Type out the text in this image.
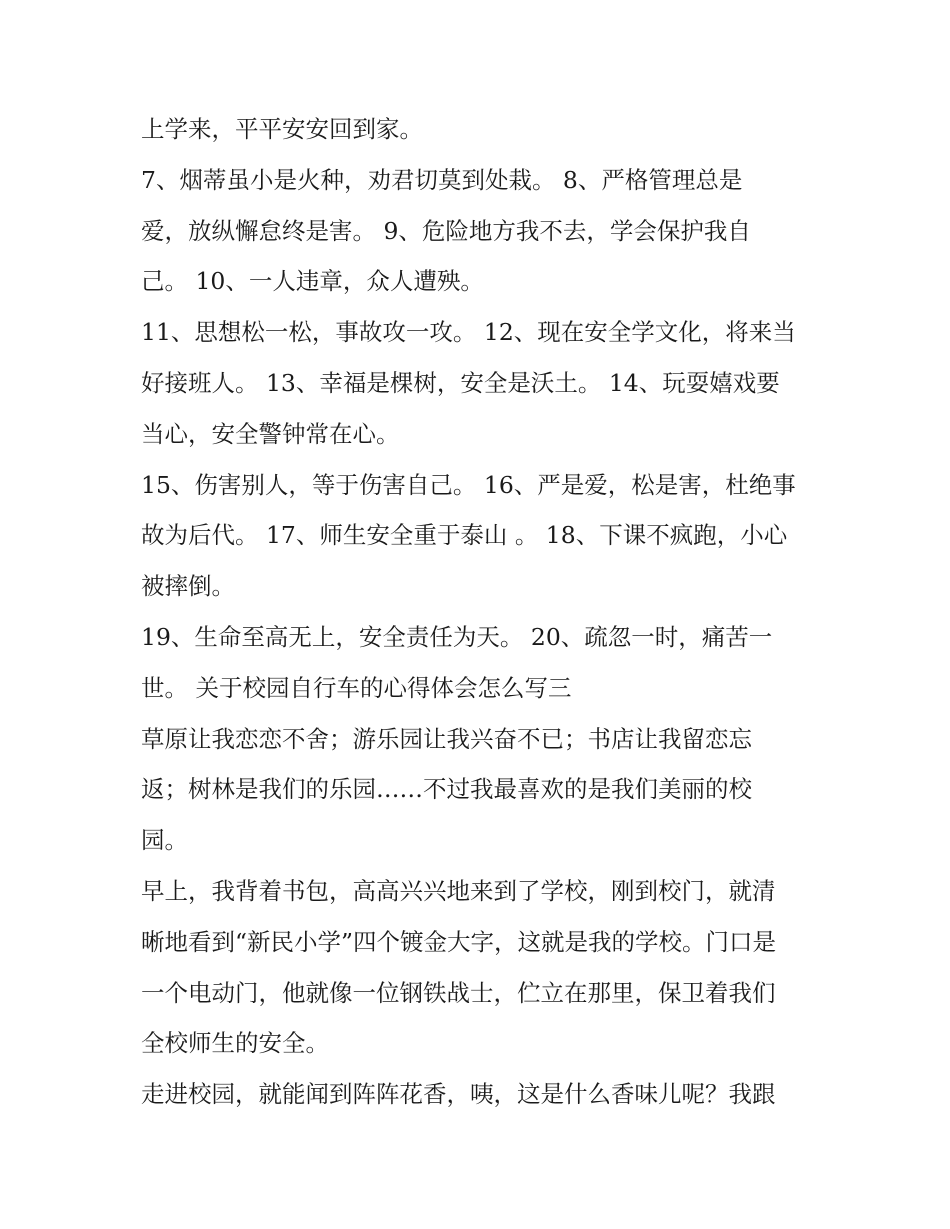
上学来，平平安安回到家。

7、烟蒂虽小是火种，劝君切莫到处栽。 8、严格管理总是
爱，放纵懈怠终是害。 9、危险地方我不去，学会保护我自
己。 10、一人违章，众人遭殃。

11、思想松一松，事故攻一攻。 12、现在安全学文化，将来当
好接班人。 13、幸福是棵树，安全是沃土。 14、玩耍嬉戏要
当心，安全警钟常在心。

15、伤害别人，等于伤害自己。 16、严是爱，松是害，杜绝事
故为后代。 17、师生安全重于泰山 。 18、下课不疯跑，小心
被摔倒。

19、生命至高无上，安全责任为天。 20、疏忽一时，痛苦一
世。 关于校园自行车的心得体会怎么写三

草原让我恋恋不舍；游乐园让我兴奋不已；书店让我留恋忘
返；树林是我们的乐园……不过我最喜欢的是我们美丽的校
园。

早上，我背着书包，高高兴兴地来到了学校，刚到校门，就清
晰地看到“新民小学”四个镀金大字，这就是我的学校。门口是
一个电动门，他就像一位钢铁战士，伫立在那里，保卫着我们
全校师生的安全。

走进校园，就能闻到阵阵花香，咦，这是什么香味儿呢？我跟
